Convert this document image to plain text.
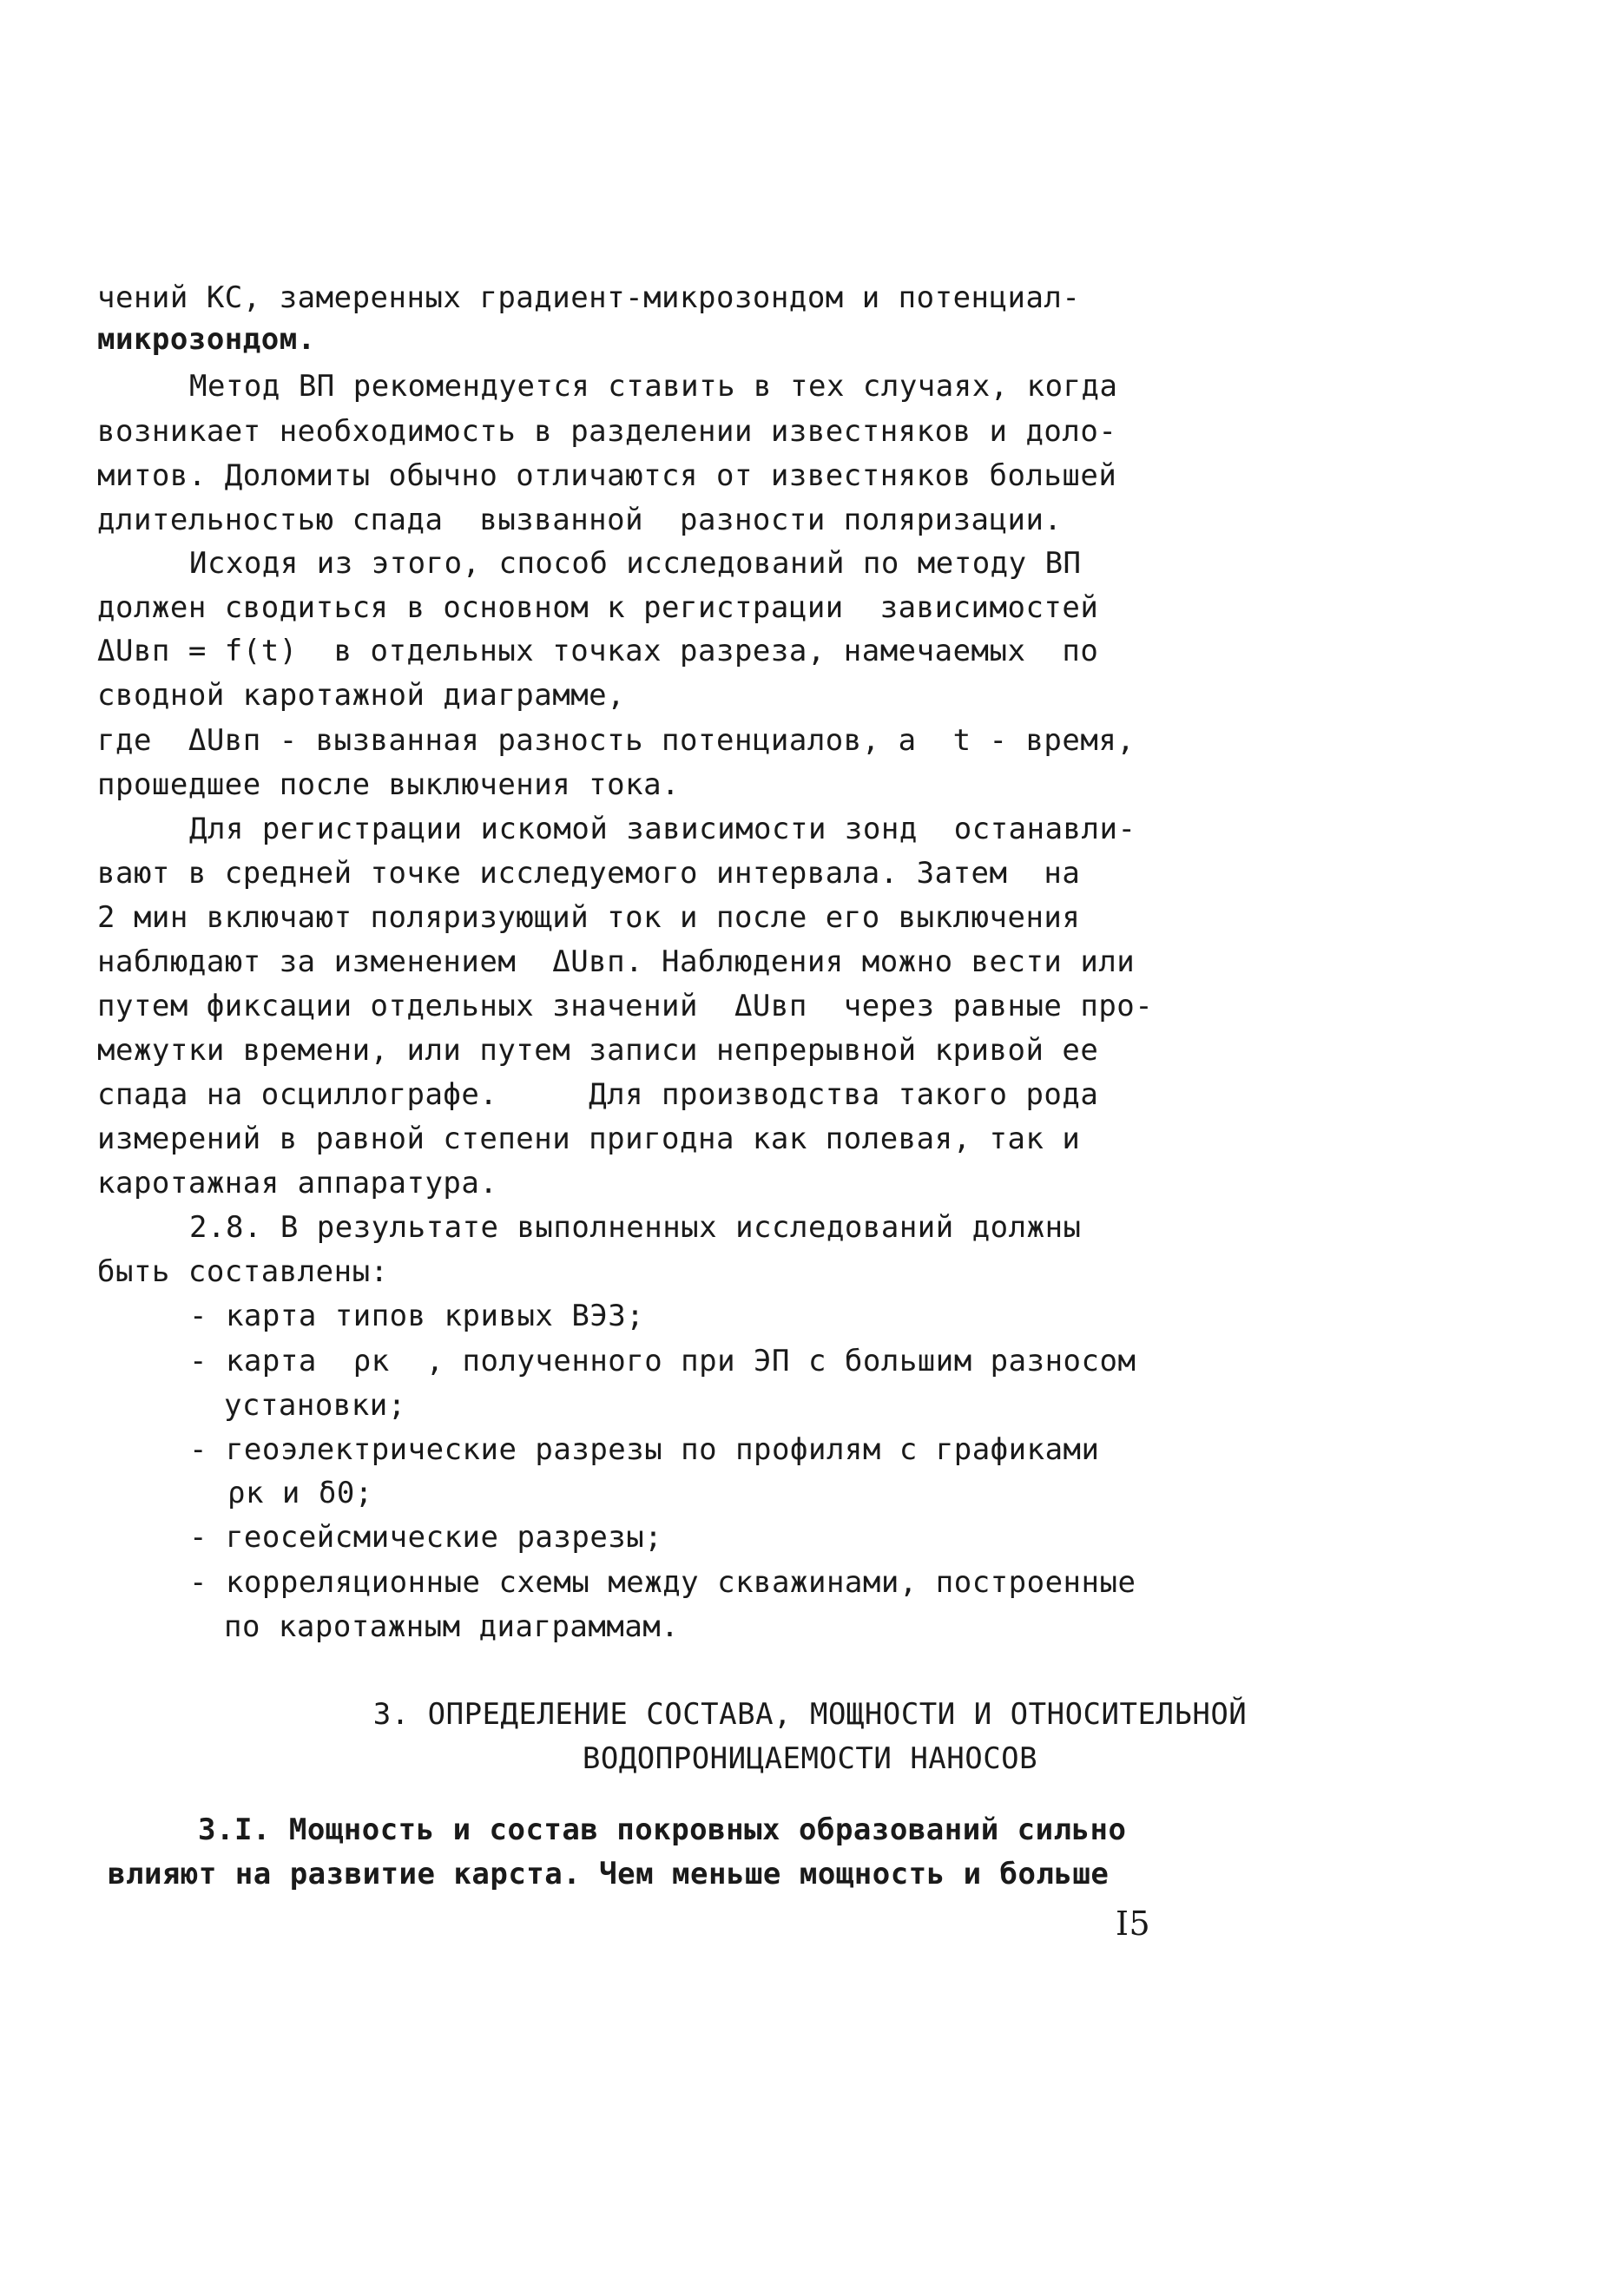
чений КС, замеренных градиент-микрозондом и потенциал-
микрозондом.
Метод ВП рекомендуется ставить в тех случаях, когда
возникает необходимость в разделении известняков и доло-
митов. Доломиты обычно отличаются от известняков большей
длительностью спада  вызванной  разности поляризации.
Исходя из этого, способ исследований по методу ВП
должен сводиться в основном к регистрации  зависимостей
ΔUвп = f(t)  в отдельных точках разреза, намечаемых  по
сводной каротажной диаграмме,
где  ΔUвп - вызванная разность потенциалов, а  t - время,
прошедшее после выключения тока.
Для регистрации искомой зависимости зонд  останавли-
вают в средней точке исследуемого интервала. Затем  на
2 мин включают поляризующий ток и после его выключения
наблюдают за изменением  ΔUвп. Наблюдения можно вести или
путем фиксации отдельных значений  ΔUвп  через равные про-
межутки времени, или путем записи непрерывной кривой ее
спада на осциллографе.     Для производства такого рода
измерений в равной степени пригодна как полевая, так и
каротажная аппаратура.
2.8. В результате выполненных исследований должны
быть составлены:
- карта типов кривых ВЭЗ;
- карта  ρк  , полученного при ЭП с большим разносом
установки;
- геоэлектрические разрезы по профилям с графиками
ρк и δ0;
- геосейсмические разрезы;
- корреляционные схемы между скважинами, построенные
по каротажным диаграммам.
3. ОПРЕДЕЛЕНИЕ СОСТАВА, МОЩНОСТИ И ОТНОСИТЕЛЬНОЙ
ВОДОПРОНИЦАЕМОСТИ НАНОСОВ
3.I. Мощность и состав покровных образований сильно
влияют на развитие карста. Чем меньше мощность и больше
I5
